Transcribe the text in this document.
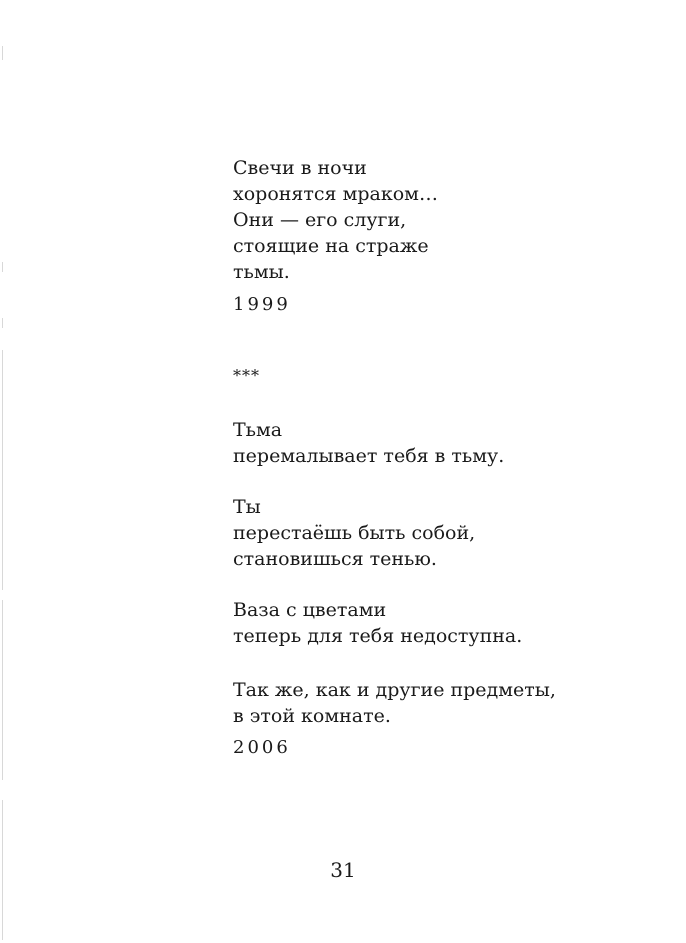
Свечи в ночи
хоронятся мраком…
Они — его слуги,
стоящие на страже
тьмы.
1999
***
Тьма
перемалывает тебя в тьму.
Ты
перестаёшь быть собой,
становишься тенью.
Ваза с цветами
теперь для тебя недоступна.
Так же, как и другие предметы,
в этой комнате.
2006
31
